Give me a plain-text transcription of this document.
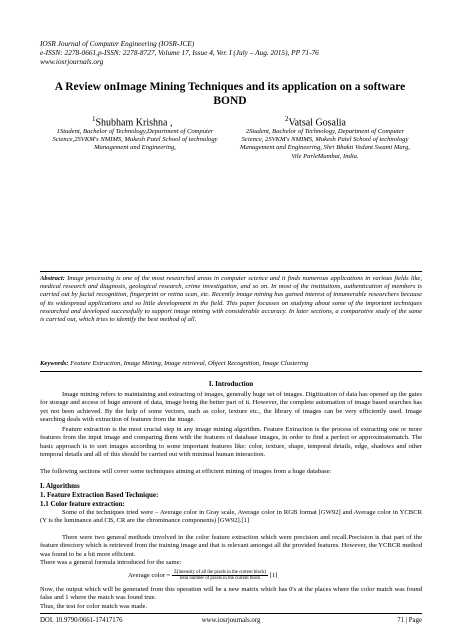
IOSR Journal of Computer Engineering (IOSR-JCE)
e-ISSN: 2278-0661,p-ISSN: 2278-8727, Volume 17, Issue 4, Ver. I (July – Aug. 2015), PP 71-76
www.iosrjournals.org
A Review onImage Mining Techniques and its application on a software BOND
$^1$Shubham Krishna ,
1Student, Bachelor of Technology,Department of Computer Science,2SVKM's NMIMS, Mukesh Patel School of technology Management and Engineering,
$^2$Vatsal Gosalia
2Student, Bachelor of Technology, Department of Computer Science, 2SVKM's NMIMS, Mukesh Patel School of technology Management and Engineering, Shri Bhakti Vedant Swami Marg, Vile ParleMumbai, India.
Abstract: Image processing is one of the most researched areas in computer science and it finds numerous applications in various fields like, medical research and diagnosis, geological research, crime investigation, and so on. In most of the institutions, authentication of members is carried out by facial recognition, fingerprint or retina scan, etc. Recently image mining has gained interest of innumerable researchers because of its widespread applications and so little development in the field. This paper focusses on studying about some of the important techniques researched and developed successfully to support image mining with considerable accuracy. In later sections, a comparative study of the same is carried out, which tries to identify the best method of all.
Keywords: Feature Extraction, Image Mining, Image retrieval, Object Recognition, Image Clustering
I. Introduction
Image mining refers to maintaining and extracting of images, generally huge set of images. Digitization of data has opened up the gates for storage and access of huge amount of data, image being the better part of it. However, the complete automation of image based searches has yet not been achieved. By the help of some vectors, such as color, texture etc., the library of images can be very efficiently used. Image searching deals with extraction of features from the image.
Feature extraction is the most crucial step in any image mining algorithm. Feature Extraction is the process of extracting one or more features from the input image and comparing them with the features of database images, in order to find a perfect or approximatematch. The basic approach is to sort images according to some important features like: color, texture, shape, temporal details, edge, shadows and other temporal details and all of this should be carried out with minimal human interaction.
The following sections will cover some techniques aiming at efficient mining of images from a huge database:
I. Algorithms
1. Feature Extraction Based Technique:
1.1 Color feature extraction:
Some of the techniques tried were – Average color in Gray scale, Average color in RGB format [GW92] and Average color in YCBCR (Y is the luminance and CB, CR are the chrominance components) [GW92].[1]
There were two general methods involved in the color feature extraction which were precision and recall.Precision is that part of the feature directory which is retrieved from the training image and that is relevant amongst all the provided features. However, the YCBCR method was found to be a bit more efficient.
There was a general formula introduced for the same:
Average color = $\frac{\text{Σ(intensity of all the pixels in the current block)}}{\text{total number of pixels in the current block}} [1]$
Now, the output which will be generated from this operation will be a new matrix which has 0's at the places where the color match was found false and 1 where the match was found true.
Thus, the test for color match was made.
DOI. 10.9790/0661-17417176	www.iosrjournals.org	71 | Page
